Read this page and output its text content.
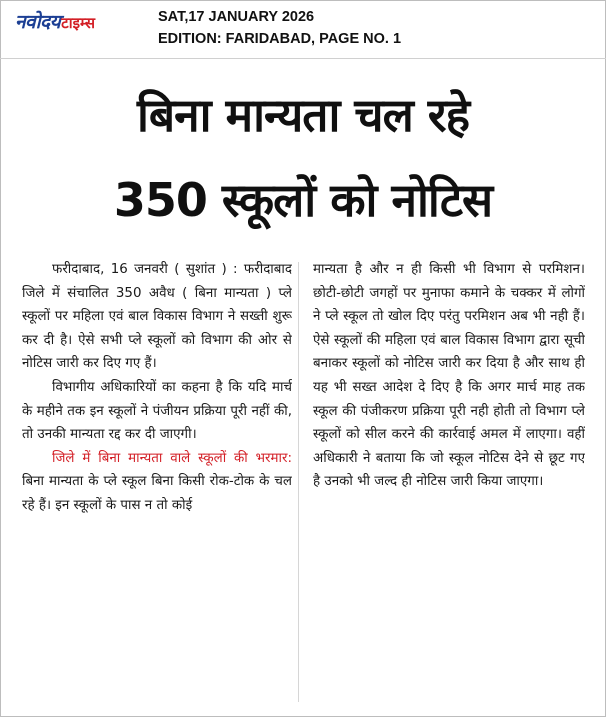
नवोदय टाइम्स	SAT,17 JANUARY 2026
EDITION: FARIDABAD, PAGE NO. 1
बिना मान्यता चल रहे
350 स्कूलों को नोटिस

फरीदाबाद, 16 जनवरी ( सुशांत ) : फरीदाबाद जिले में संचालित 350 अवैध ( बिना मान्यता ) प्ले स्कूलों पर महिला एवं बाल विकास विभाग ने सख्ती शुरू कर दी है। ऐसे सभी प्ले स्कूलों को विभाग की ओर से नोटिस जारी कर दिए गए हैं।

विभागीय अधिकारियों का कहना है कि यदि मार्च के महीने तक इन स्कूलों ने पंजीयन प्रक्रिया पूरी नहीं की, तो उनकी मान्यता रद्द कर दी जाएगी।

जिले में बिना मान्यता वाले स्कूलों की भरमार: बिना मान्यता के प्ले स्कूल बिना किसी रोक-टोक के चल रहे हैं। इन स्कूलों के पास न तो कोई

मान्यता है और न ही किसी भी विभाग से परमिशन। छोटी-छोटी जगहों पर मुनाफा कमाने के चक्कर में लोगों ने प्ले स्कूल तो खोल दिए परंतु परमिशन अब भी नही हैं। ऐसे स्कूलों की महिला एवं बाल विकास विभाग द्वारा सूची बनाकर स्कूलों को नोटिस जारी कर दिया है और साथ ही यह भी सख्त आदेश दे दिए है कि अगर मार्च माह तक स्कूल की पंजीकरण प्रक्रिया पूरी नही होती तो विभाग प्ले स्कूलों को सील करने की कार्रवाई अमल में लाएगा। वहीं अधिकारी ने बताया कि जो स्कूल नोटिस देने से छूट गए है उनको भी जल्द ही नोटिस जारी किया जाएगा।
